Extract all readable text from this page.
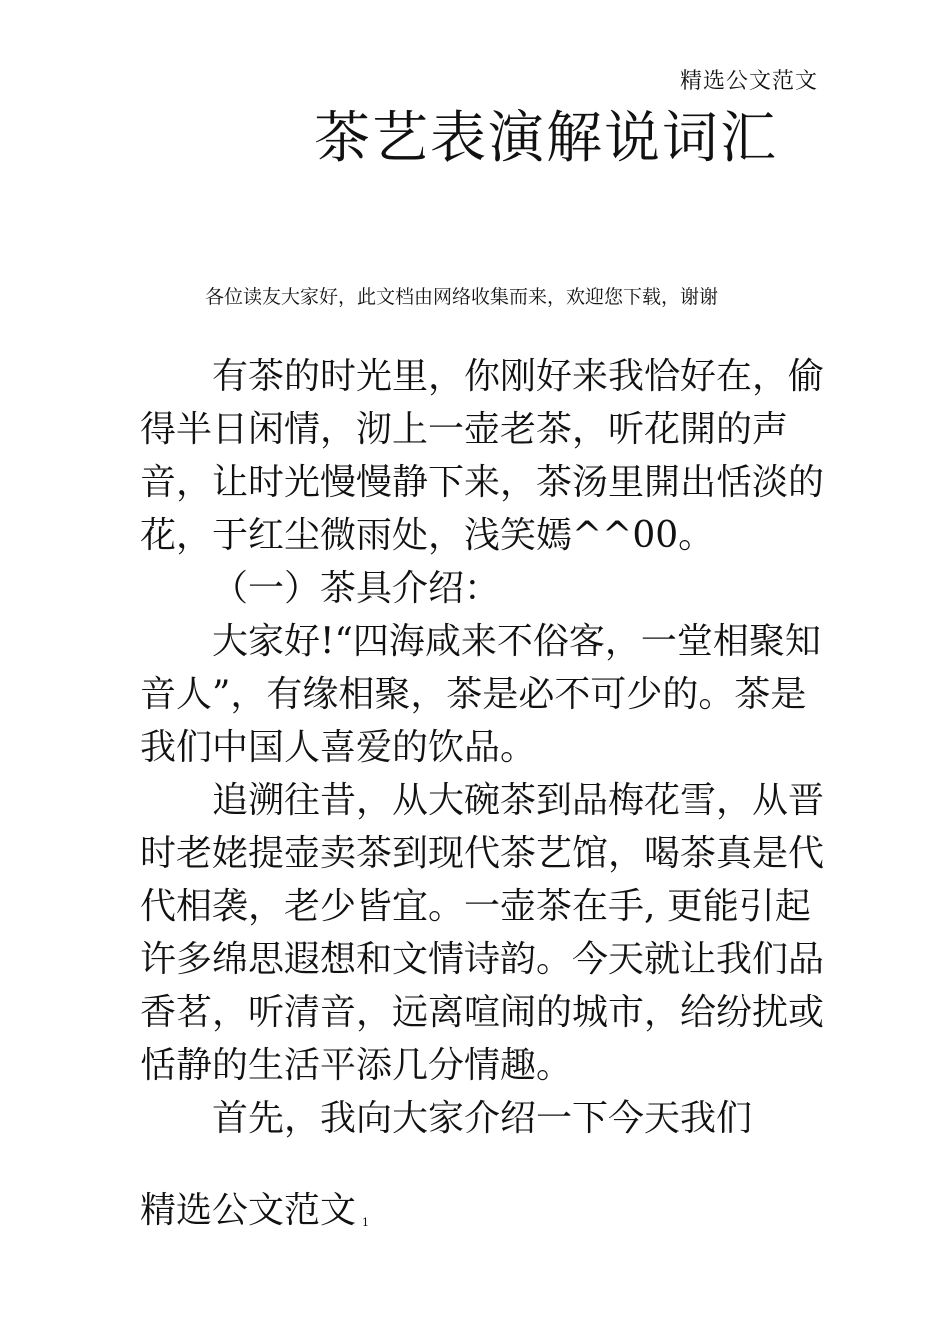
精选公文范文
茶艺表演解说词汇
各位读友大家好，此文档由网络收集而来，欢迎您下载，谢谢

有茶的时光里，你刚好来我恰好在，偷得半日闲情，沏上一壶老茶，听花開的声音，让时光慢慢静下来，茶汤里開出恬淡的花，于红尘微雨处，浅笑嫣^^00。

（一）茶具介绍：

大家好!“四海咸来不俗客，一堂相聚知音人”，有缘相聚，茶是必不可少的。茶是我们中国人喜爱的饮品。

追溯往昔，从大碗茶到品梅花雪，从晋时老姥提壶卖茶到现代茶艺馆，喝茶真是代代相袭，老少皆宜。一壶茶在手, 更能引起许多绵思遐想和文情诗韵。今天就让我们品香茗，听清音，远离喧闹的城市，给纷扰或恬静的生活平添几分情趣。

首先，我向大家介绍一下今天我们

精选公文范文 1
